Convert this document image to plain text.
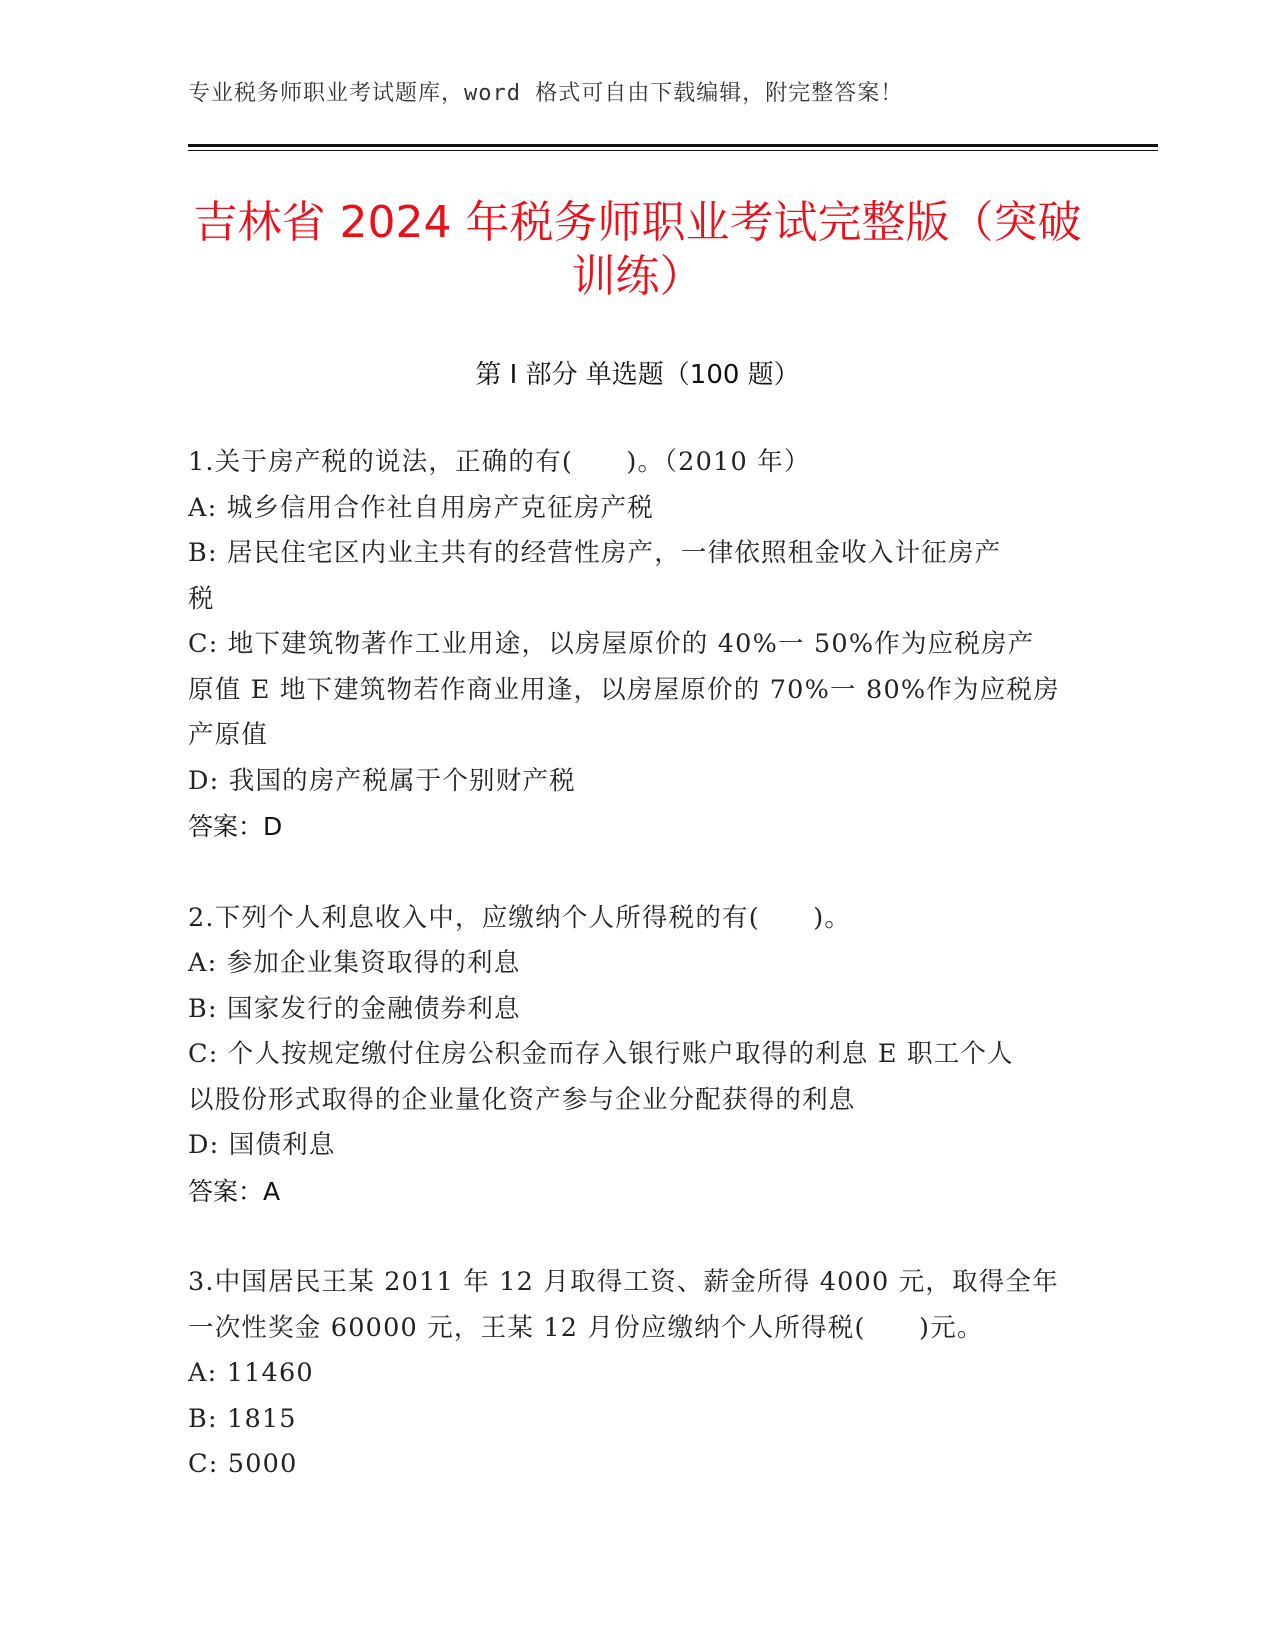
专业税务师职业考试题库，word 格式可自由下载编辑，附完整答案！
吉林省 2024 年税务师职业考试完整版（突破
训练）
第 I 部分 单选题（100 题）
1.关于房产税的说法，正确的有(　　)。（2010 年）
A: 城乡信用合作社自用房产克征房产税
B: 居民住宅区内业主共有的经营性房产，一律依照租金收入计征房产
税
C: 地下建筑物著作工业用途，以房屋原价的 40%一 50%作为应税房产
原值 E 地下建筑物若作商业用逢，以房屋原价的 70%一 80%作为应税房
产原值
D: 我国的房产税属于个别财产税
答案：D
2.下列个人利息收入中，应缴纳个人所得税的有(　　)。
A: 参加企业集资取得的利息
B: 国家发行的金融债券利息
C: 个人按规定缴付住房公积金而存入银行账户取得的利息 E 职工个人
以股份形式取得的企业量化资产参与企业分配获得的利息
D: 国债利息
答案：A
3.中国居民王某 2011 年 12 月取得工资、薪金所得 4000 元，取得全年
一次性奖金 60000 元，王某 12 月份应缴纳个人所得税(　　)元。
A: 11460
B: 1815
C: 5000
